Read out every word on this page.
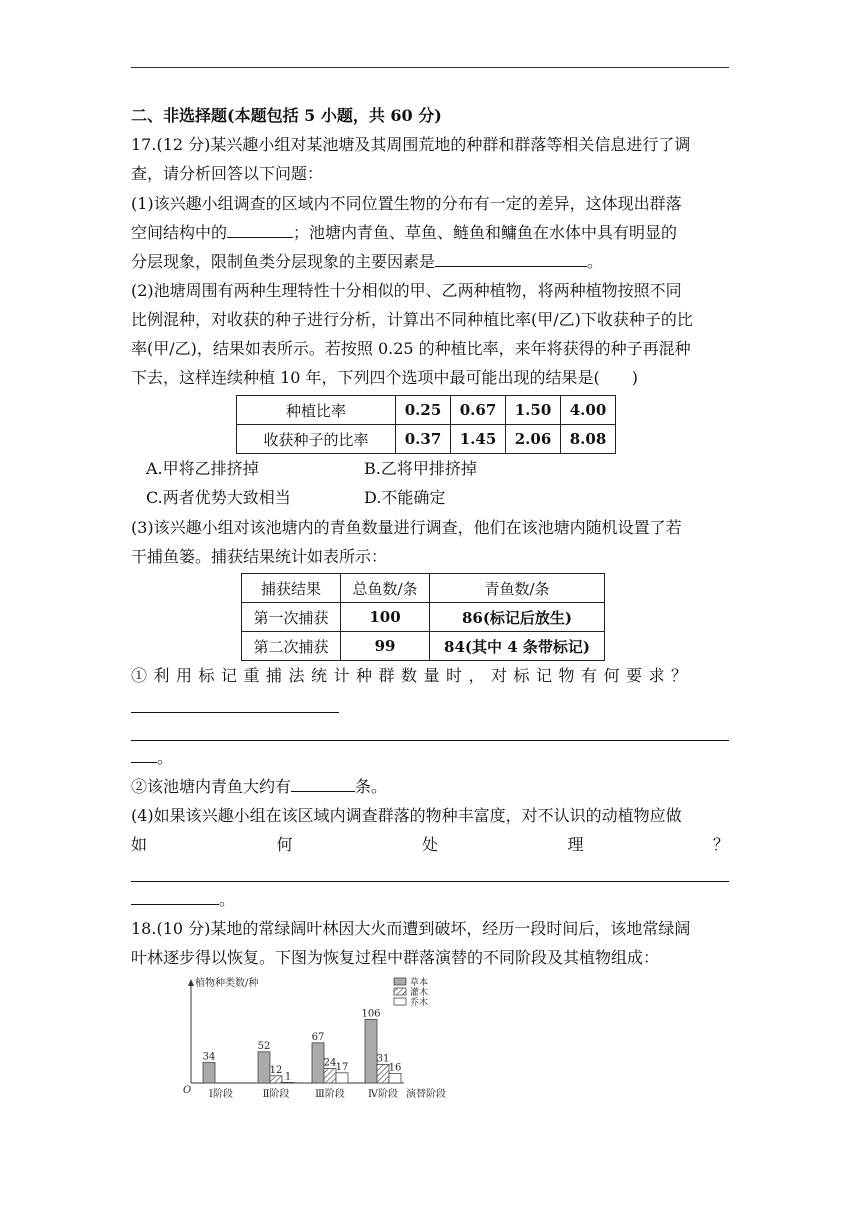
二、非选择题(本题包括 5 小题，共 60 分)
17.(12 分)某兴趣小组对某池塘及其周围荒地的种群和群落等相关信息进行了调
查，请分析回答以下问题：
(1)该兴趣小组调查的区域内不同位置生物的分布有一定的差异，这体现出群落
空间结构中的	；池塘内青鱼、草鱼、鲢鱼和鳙鱼在水体中具有明显的
分层现象，限制鱼类分层现象的主要因素是	。
(2)池塘周围有两种生理特性十分相似的甲、乙两种植物，将两种植物按照不同
比例混种，对收获的种子进行分析，计算出不同种植比率(甲/乙)下收获种子的比
率(甲/乙)，结果如表所示。若按照 0.25 的种植比率，来年将获得的种子再混种
下去，这样连续种植 10 年，下列四个选项中最可能出现的结果是(　　)
种植比率	0.25	0.67	1.50	4.00
收获种子的比率	0.37	1.45	2.06	8.08
A.甲将乙排挤掉	B.乙将甲排挤掉
C.两者优势大致相当	D.不能确定
(3)该兴趣小组对该池塘内的青鱼数量进行调查，他们在该池塘内随机设置了若
干捕鱼篓。捕获结果统计如表所示：
捕获结果	总鱼数/条	青鱼数/条
第一次捕获	100	86(标记后放生)
第二次捕获	99	84(其中 4 条带标记)
①利用标记重捕法统计种群数量时，对标记物有何要求？
。
②该池塘内青鱼大约有	条。
(4)如果该兴趣小组在该区域内调查群落的物种丰富度，对不认识的动植物应做
如	何	处	理	？
。
18.(10 分)某地的常绿阔叶林因大火而遭到破坏，经历一段时间后，该地常绿阔
叶林逐步得以恢复。下图为恢复过程中群落演替的不同阶段及其植物组成：
植物种类数/种
O	演替阶段
Ⅰ阶段	Ⅱ阶段	Ⅲ阶段 Ⅳ阶段
34
52
67
106
12
24	31
1
17	16
草本
灌木
乔木
